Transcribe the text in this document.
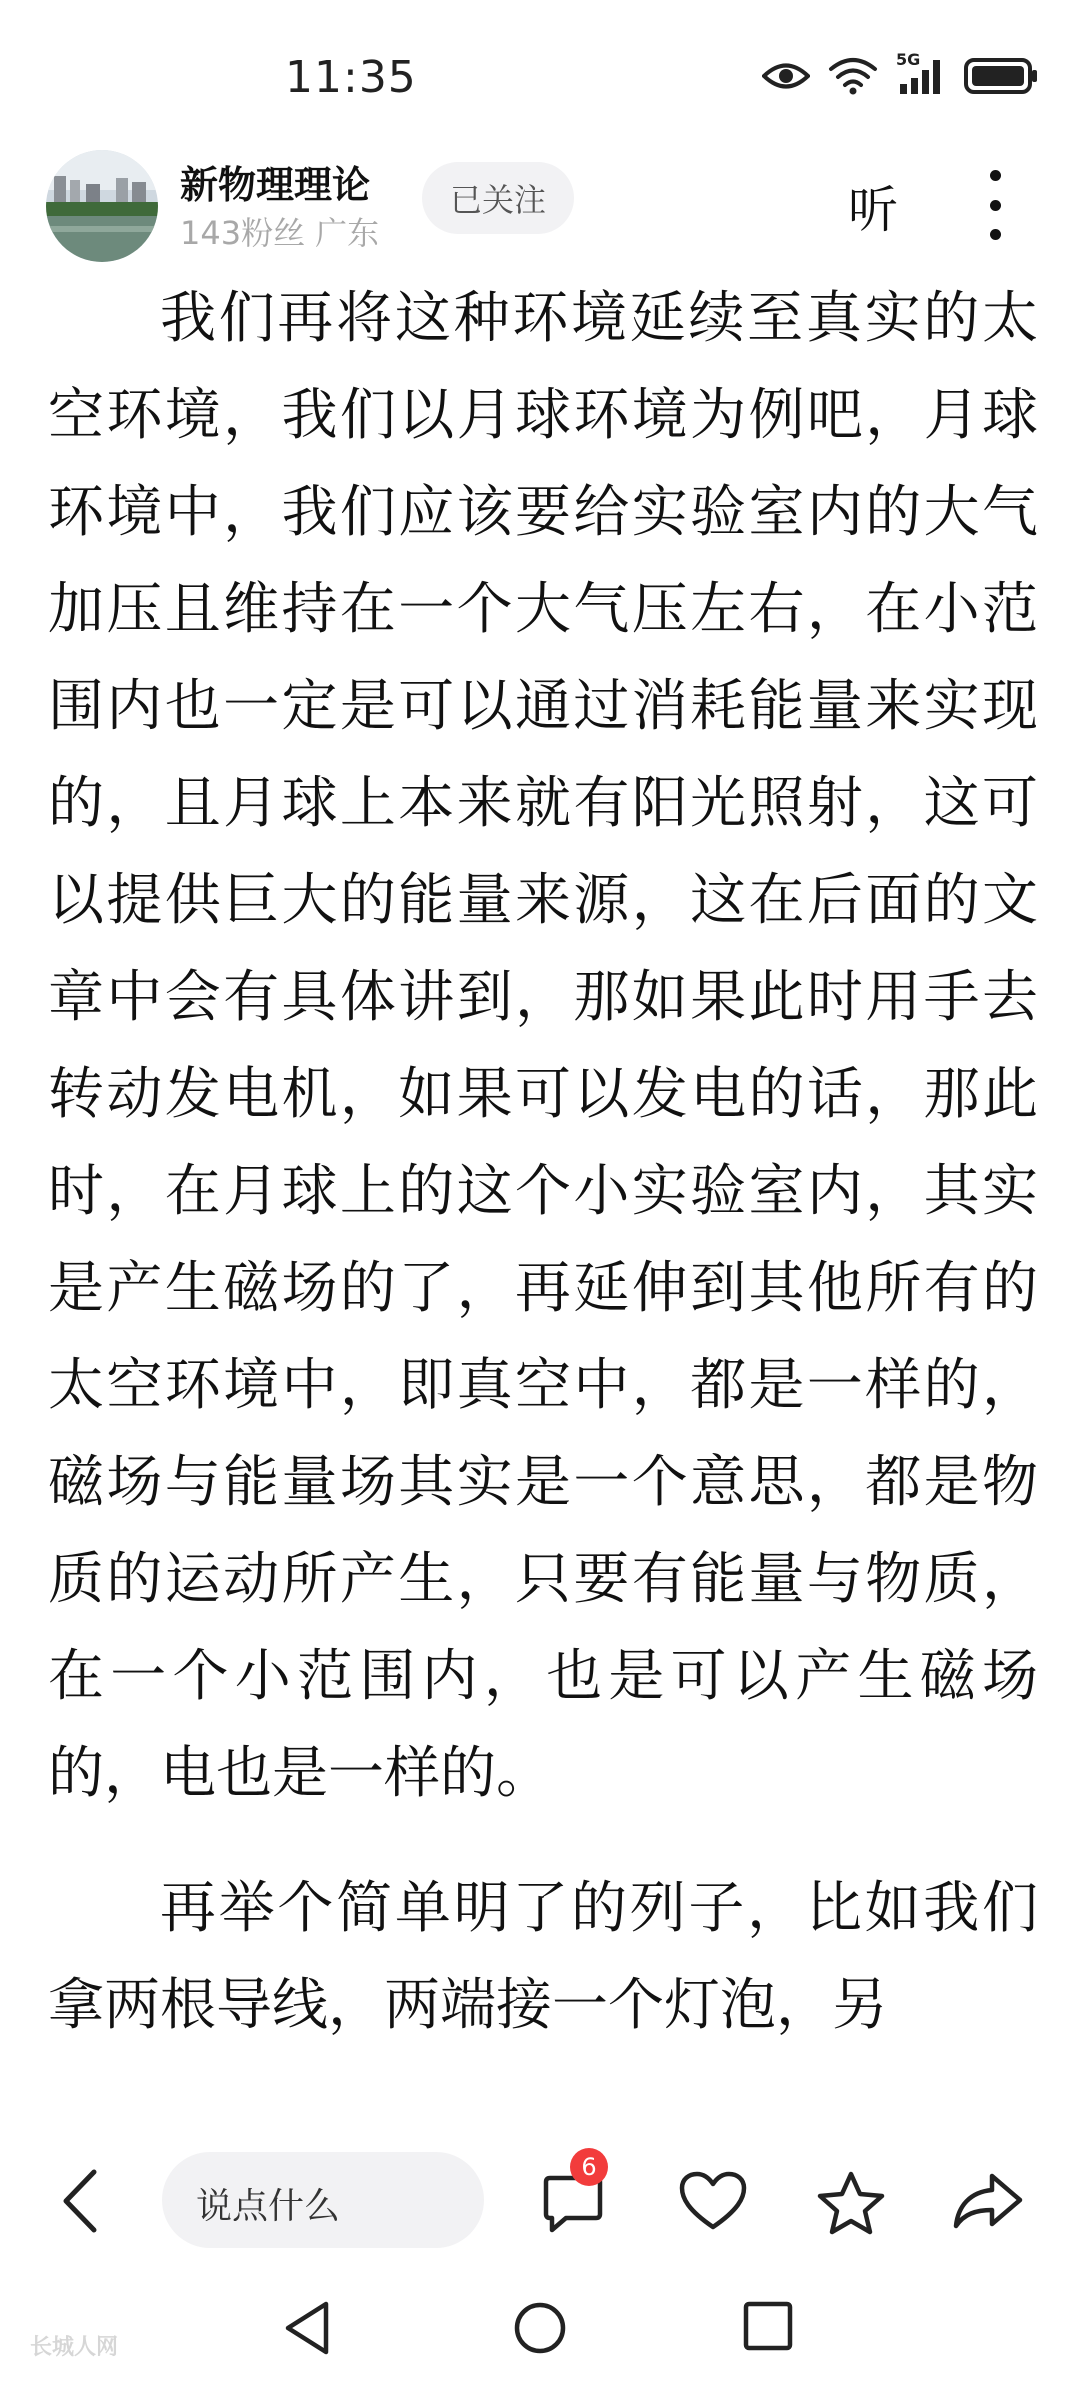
11:35	5G
新物理理论
143粉丝 广东
已关注	听

我们再将这种环境延续至真实的太空环境，我们以月球环境为例吧，月球环境中，我们应该要给实验室内的大气加压且维持在一个大气压左右，在小范围内也一定是可以通过消耗能量来实现的，且月球上本来就有阳光照射，这可以提供巨大的能量来源，这在后面的文章中会有具体讲到，那如果此时用手去转动发电机，如果可以发电的话，那此时，在月球上的这个小实验室内，其实是产生磁场的了，再延伸到其他所有的太空环境中，即真空中，都是一样的，磁场与能量场其实是一个意思，都是物质的运动所产生，只要有能量与物质，在一个小范围内，也是可以产生磁场的，电也是一样的。

再举个简单明了的列子，比如我们拿两根导线，两端接一个灯泡，另

说点什么
6
长城人网
